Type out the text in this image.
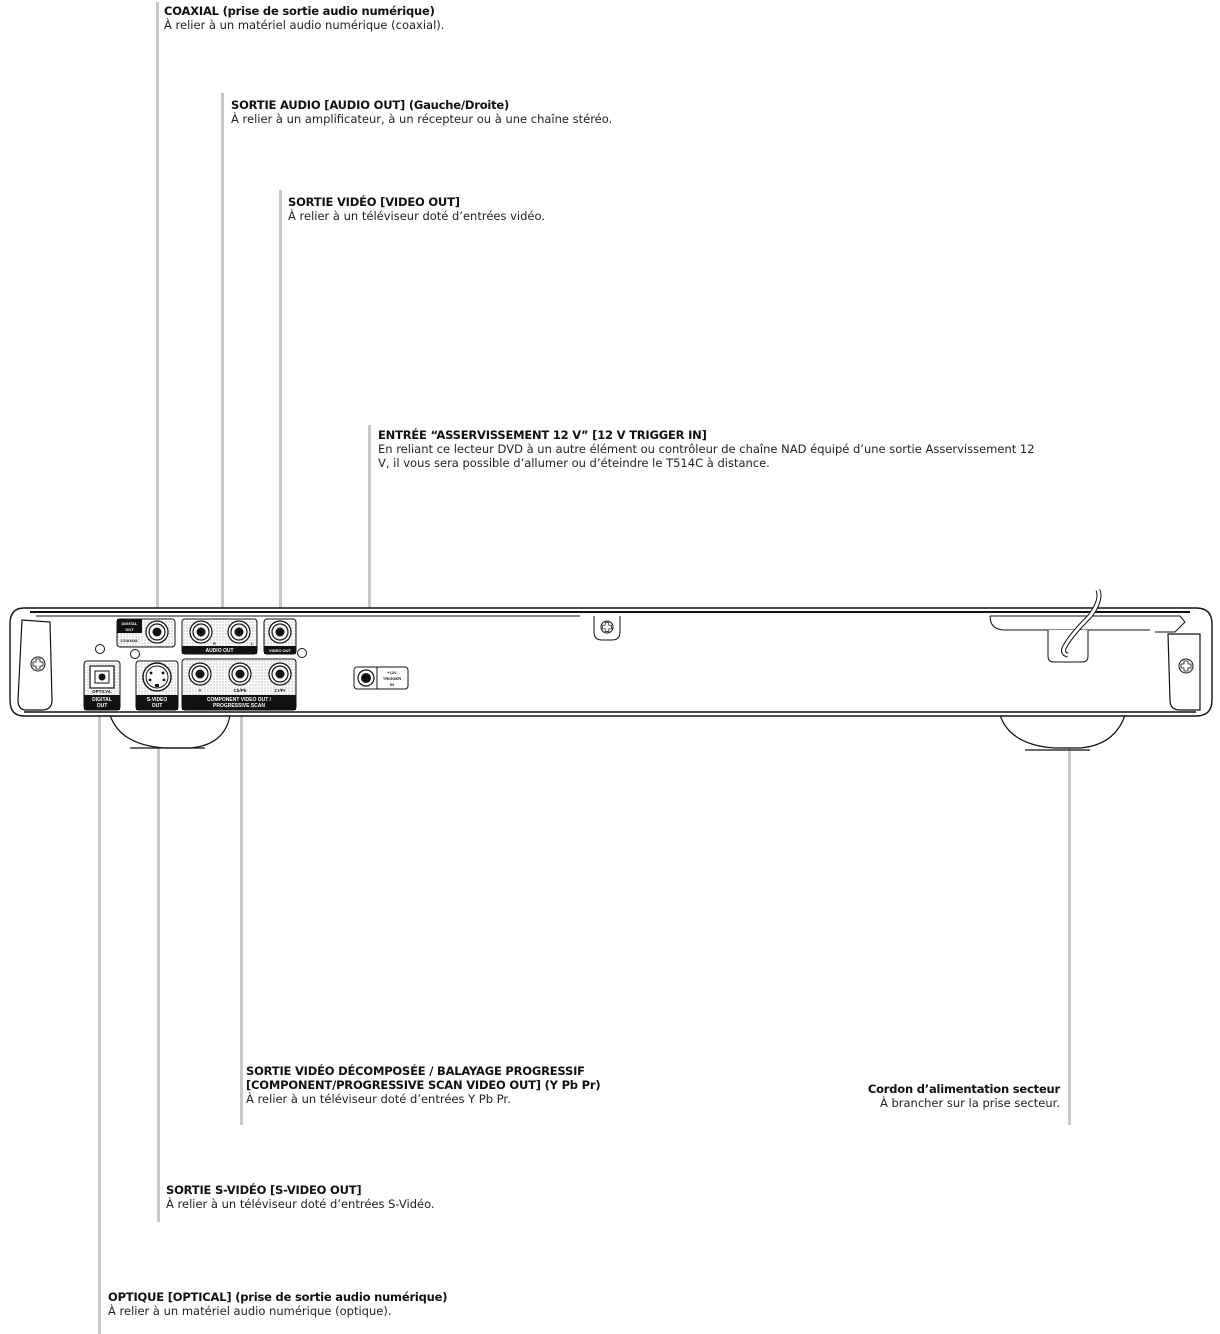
COAXIAL (prise de sortie audio numérique)
À relier à un matériel audio numérique (coaxial).
SORTIE AUDIO [AUDIO OUT] (Gauche/Droite)
À relier à un amplificateur, à un récepteur ou à une chaîne stéréo.
SORTIE VIDÉO [VIDEO OUT]
À relier à un téléviseur doté d’entrées vidéo.
ENTRÉE “ASSERVISSEMENT 12 V” [12 V TRIGGER IN]
En reliant ce lecteur DVD à un autre élément ou contrôleur de chaîne NAD équipé d’une sortie Asservissement 12
V, il vous sera possible d’allumer ou d’éteindre le T514C à distance.
SORTIE VIDÉO DÉCOMPOSÉE / BALAYAGE PROGRESSIF
[COMPONENT/PROGRESSIVE SCAN VIDEO OUT] (Y Pb Pr)
À relier à un téléviseur doté d’entrées Y Pb Pr.
Cordon d’alimentation secteur
À brancher sur la prise secteur.
SORTIE S-VIDÉO [S-VIDEO OUT]
À relier à un téléviseur doté d’entrées S-Vidéo.
OPTIQUE [OPTICAL] (prise de sortie audio numérique)
À relier à un matériel audio numérique (optique).
DIGITAL
OUT
COAXIAL
AUDIO OUT
R	L
VIDEO OUT
DIGITAL
OUT
OPTICAL
S-VIDEO
OUT
COMPONENT VIDEO OUT /
PROGRESSIVE SCAN
Y	Cb/Pb	Cr/Pr
+12V
TRIGGER
IN
